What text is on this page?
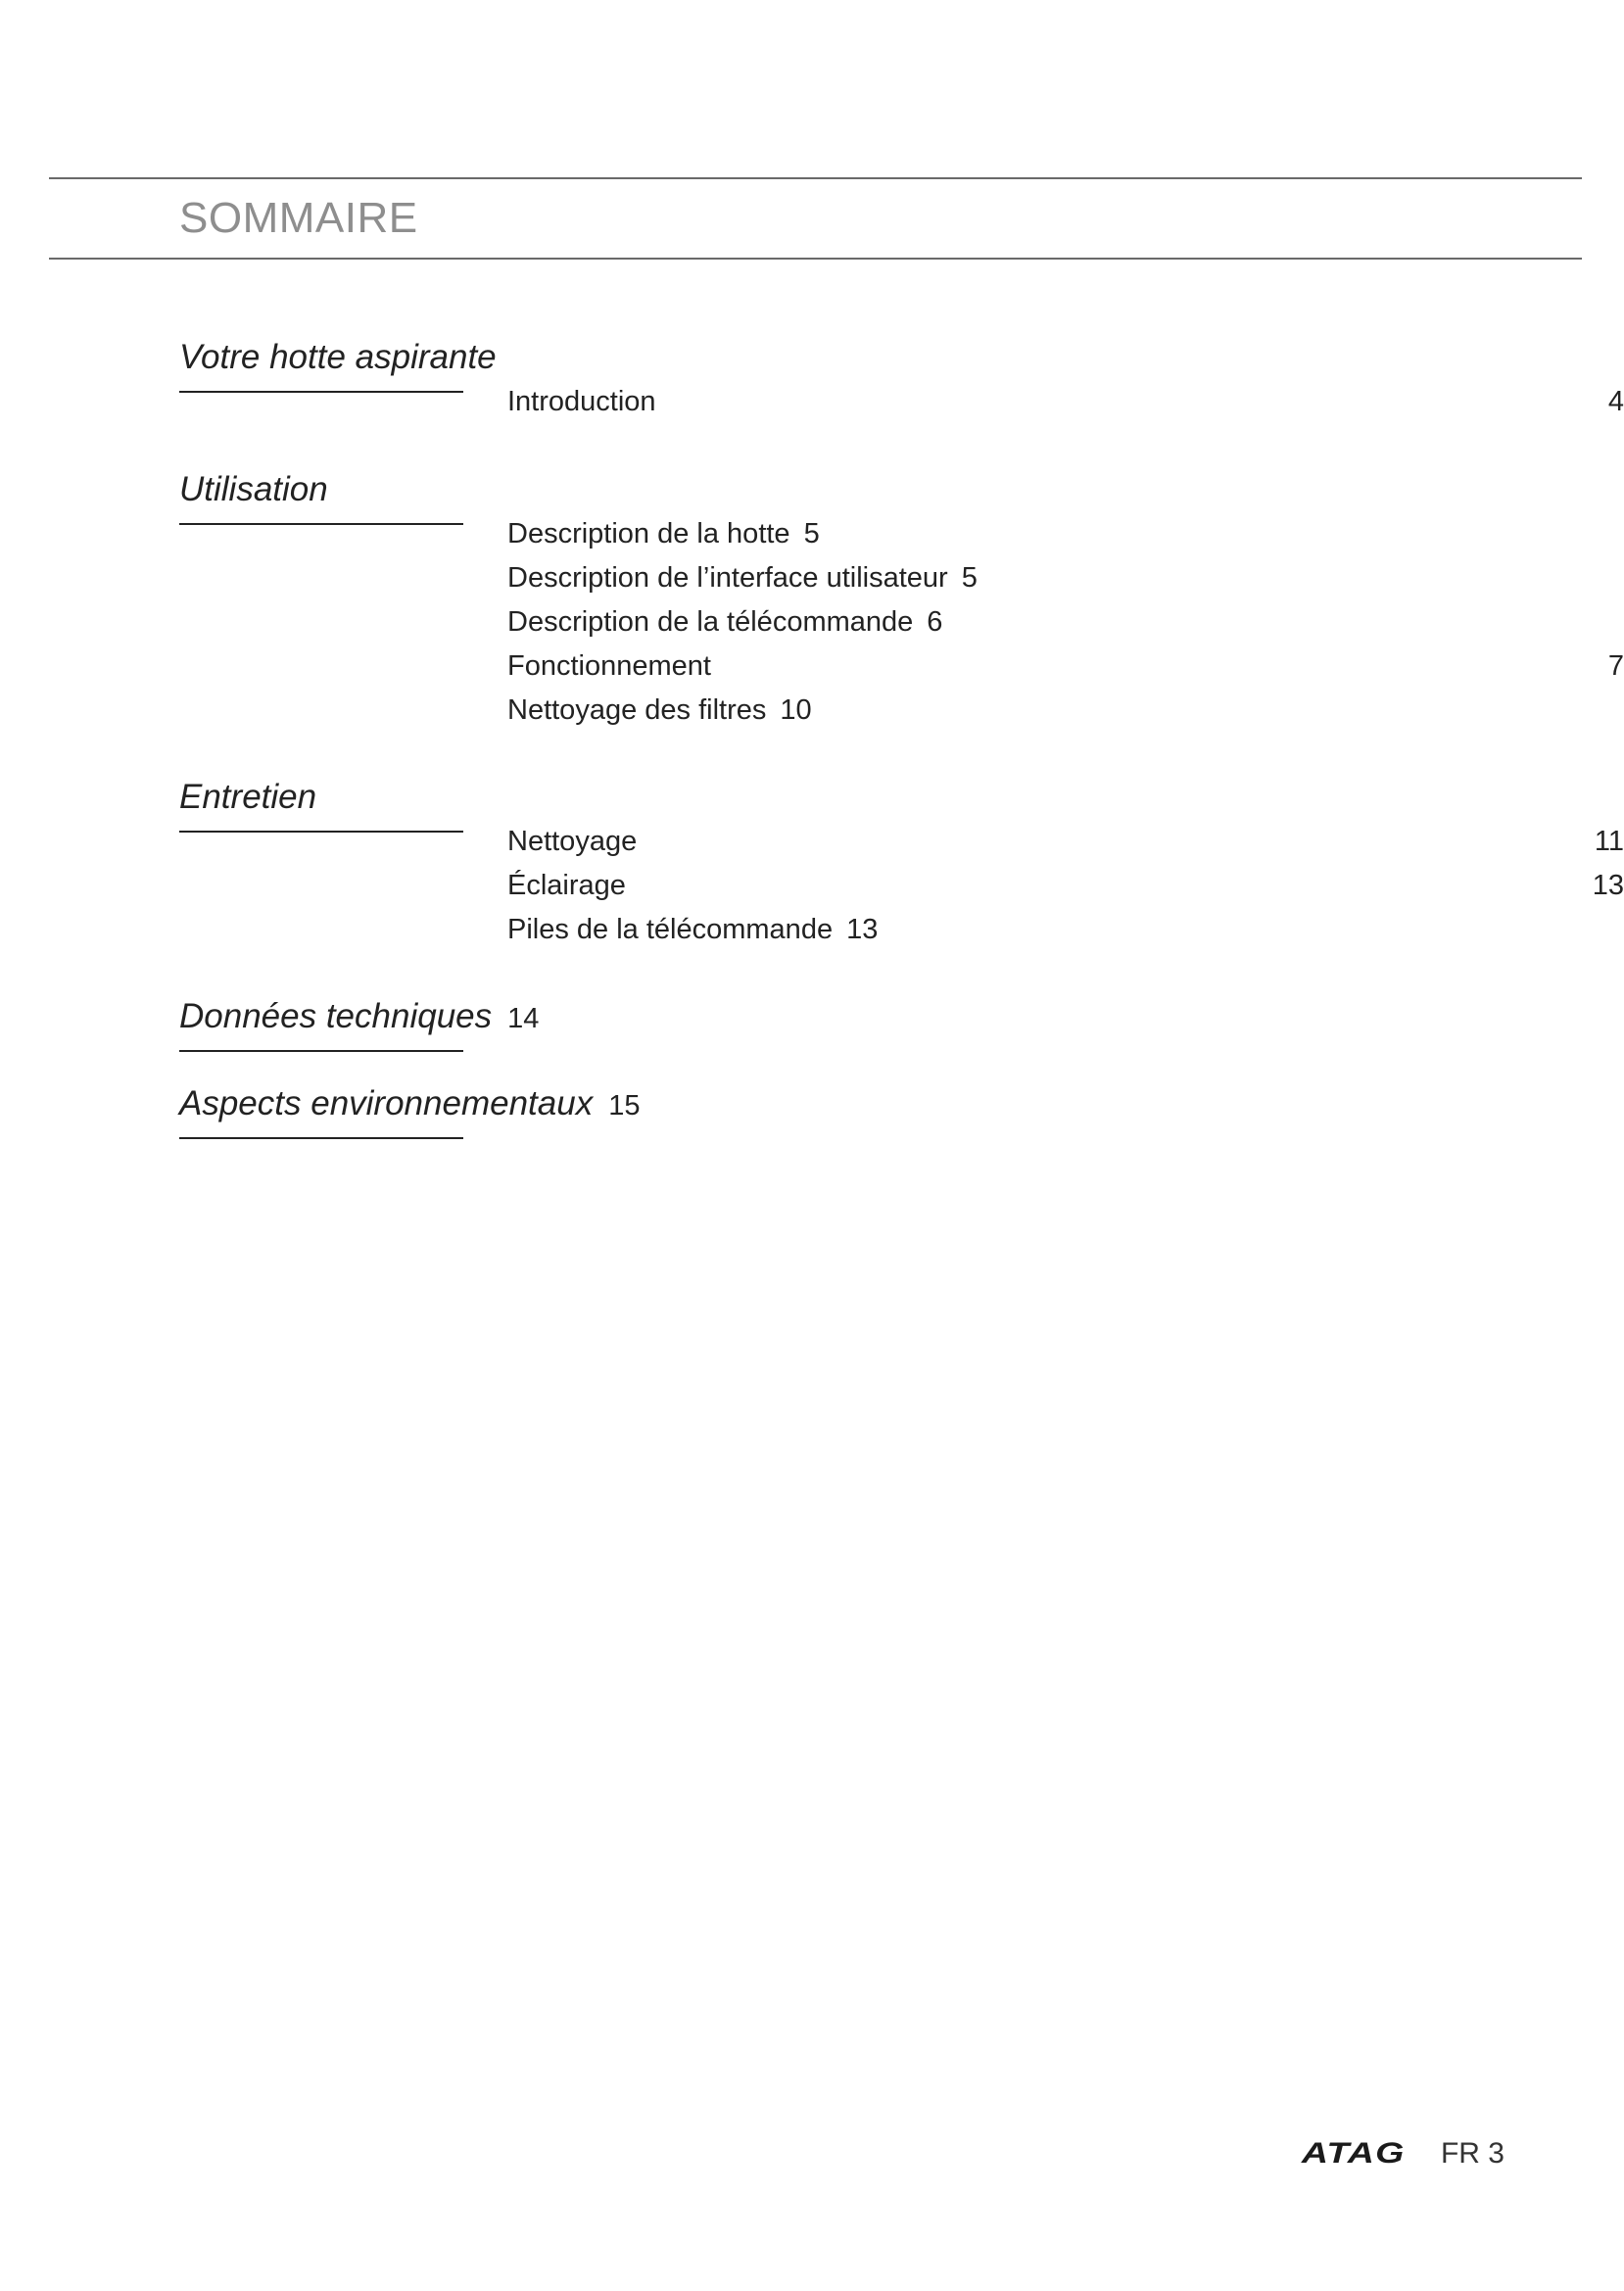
SOMMAIRE
Votre hotte aspirante
Introduction	4
Utilisation
Description de la hotte 5
Description de l’interface utilisateur 5
Description de la télécommande 6
Fonctionnement	7
Nettoyage des filtres 10
Entretien
Nettoyage	11
Éclairage	13
Piles de la télécommande 13
Données techniques 14
Aspects environnementaux 15
ATAG FR 3
